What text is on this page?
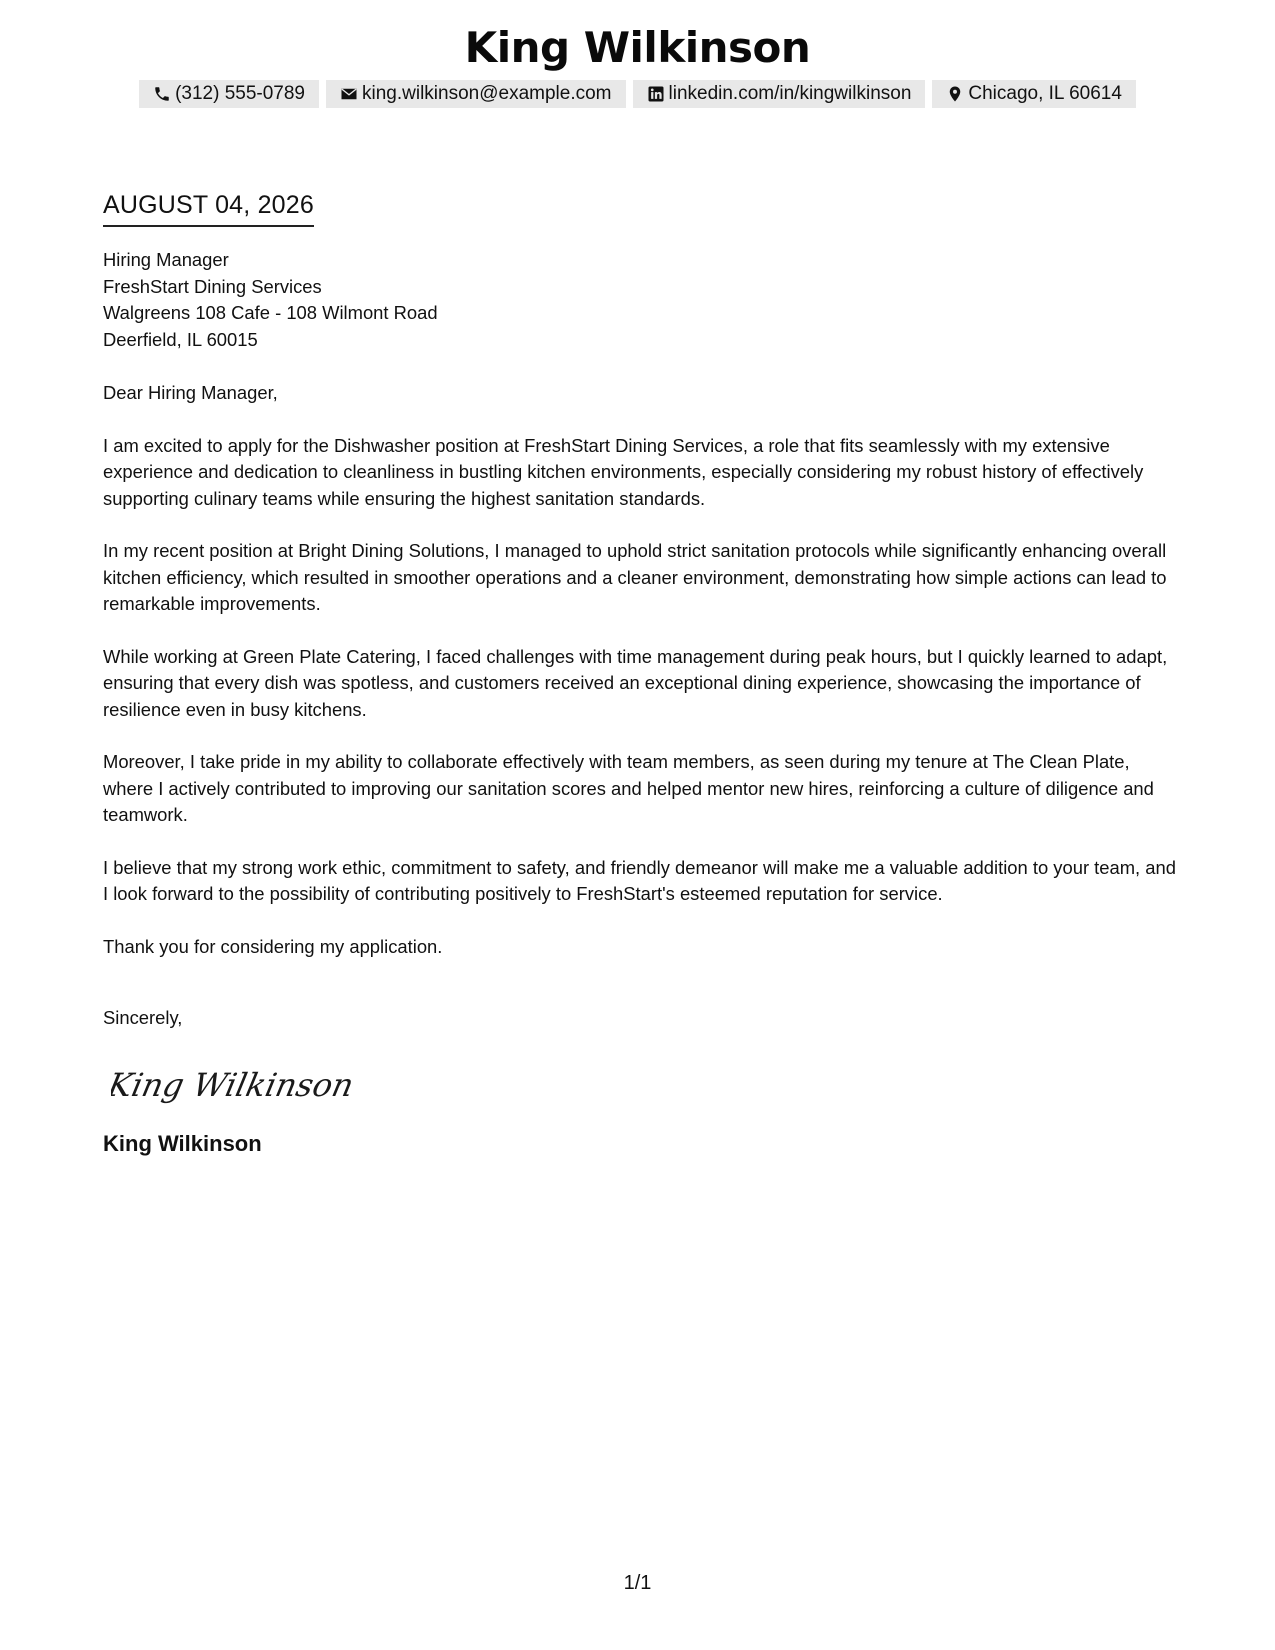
King Wilkinson
(312) 555-0789	king.wilkinson@example.com	linkedin.com/in/kingwilkinson	Chicago, IL 60614
AUGUST 04, 2026
Hiring Manager
FreshStart Dining Services
Walgreens 108 Cafe - 108 Wilmont Road
Deerfield, IL 60015
Dear Hiring Manager,

I am excited to apply for the Dishwasher position at FreshStart Dining Services, a role that fits seamlessly with my extensive experience and dedication to cleanliness in bustling kitchen environments, especially considering my robust history of effectively supporting culinary teams while ensuring the highest sanitation standards.

In my recent position at Bright Dining Solutions, I managed to uphold strict sanitation protocols while significantly enhancing overall kitchen efficiency, which resulted in smoother operations and a cleaner environment, demonstrating how simple actions can lead to remarkable improvements.

While working at Green Plate Catering, I faced challenges with time management during peak hours, but I quickly learned to adapt, ensuring that every dish was spotless, and customers received an exceptional dining experience, showcasing the importance of resilience even in busy kitchens.

Moreover, I take pride in my ability to collaborate effectively with team members, as seen during my tenure at The Clean Plate, where I actively contributed to improving our sanitation scores and helped mentor new hires, reinforcing a culture of diligence and teamwork.

I believe that my strong work ethic, commitment to safety, and friendly demeanor will make me a valuable addition to your team, and I look forward to the possibility of contributing positively to FreshStart's esteemed reputation for service.

Thank you for considering my application.

Sincerely,
King Wilkinson
King Wilkinson
1/1
